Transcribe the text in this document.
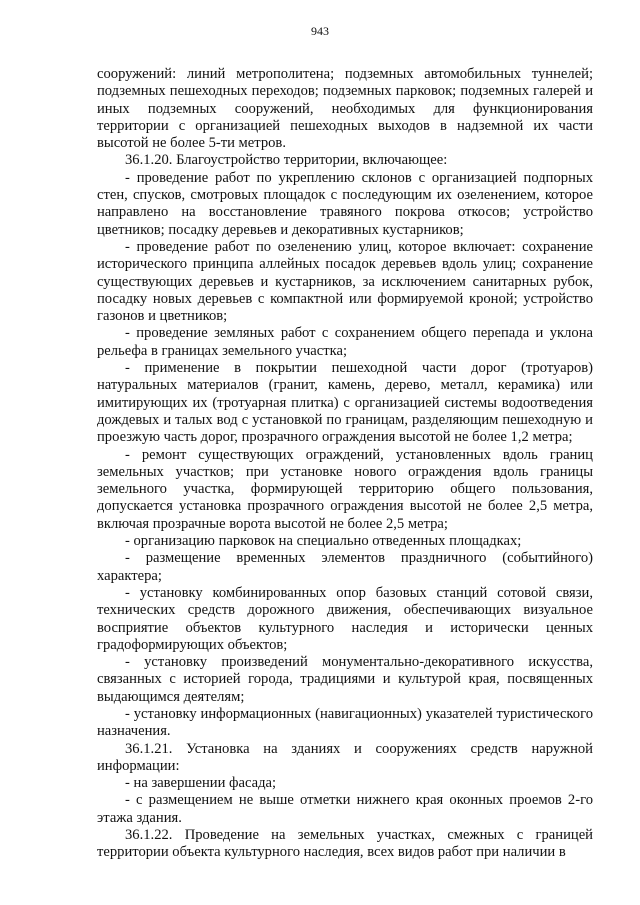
943

сооружений: линий метрополитена; подземных автомобильных туннелей; подземных пешеходных переходов; подземных парковок; подземных галерей и иных подземных сооружений, необходимых для функционирования территории с организацией пешеходных выходов в надземной их части высотой не более 5-ти метров.

36.1.20. Благоустройство территории, включающее:

- проведение работ по укреплению склонов с организацией подпорных стен, спусков, смотровых площадок с последующим их озеленением, которое направлено на восстановление травяного покрова откосов; устройство цветников; посадку деревьев и декоративных кустарников;

- проведение работ по озеленению улиц, которое включает: сохранение исторического принципа аллейных посадок деревьев вдоль улиц; сохранение существующих деревьев и кустарников, за исключением санитарных рубок, посадку новых деревьев с компактной или формируемой кроной; устройство газонов и цветников;

- проведение земляных работ с сохранением общего перепада и уклона рельефа в границах земельного участка;

- применение в покрытии пешеходной части дорог (тротуаров) натуральных материалов (гранит, камень, дерево, металл, керамика) или имитирующих их (тротуарная плитка) с организацией системы водоотведения дождевых и талых вод с установкой по границам, разделяющим пешеходную и проезжую часть дорог, прозрачного ограждения высотой не более 1,2 метра;

- ремонт существующих ограждений, установленных вдоль границ земельных участков; при установке нового ограждения вдоль границы земельного участка, формирующей территорию общего пользования, допускается установка прозрачного ограждения высотой не более 2,5 метра, включая прозрачные ворота высотой не более 2,5 метра;

- организацию парковок на специально отведенных площадках;

- размещение временных элементов праздничного (событийного) характера;

- установку комбинированных опор базовых станций сотовой связи, технических средств дорожного движения, обеспечивающих визуальное восприятие объектов культурного наследия и исторически ценных градоформирующих объектов;

- установку произведений монументально-декоративного искусства, связанных с историей города, традициями и культурой края, посвященных выдающимся деятелям;

- установку информационных (навигационных) указателей туристического назначения.

36.1.21. Установка на зданиях и сооружениях средств наружной информации:

- на завершении фасада;

- с размещением не выше отметки нижнего края оконных проемов 2-го этажа здания.

36.1.22. Проведение на земельных участках, смежных с границей территории объекта культурного наследия, всех видов работ при наличии в
